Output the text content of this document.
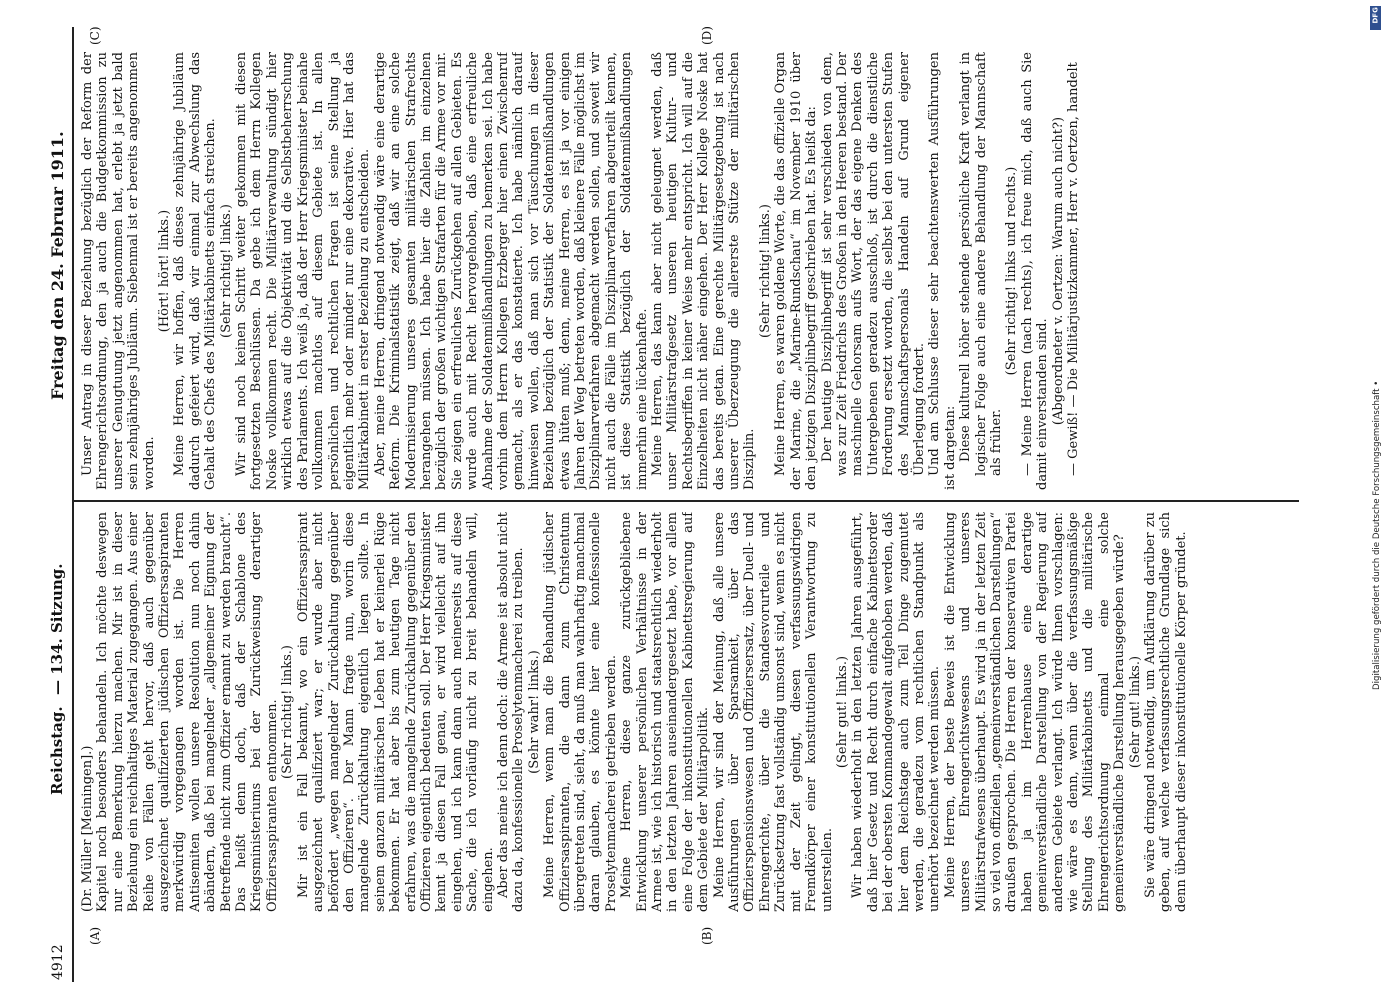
4912
Reichstag.
— 134. Sitzung.
Freitag den 24. Februar 1911.
(A)	(B)
(C)	(D)

(Dr. Müller [Meiningen].) Kapitel noch besonders behandeln. Ich möchte deswegen nur eine Bemerkung hierzu machen. Mir ist in dieser Beziehung ein reichhaltiges Material zugegangen. Aus einer Reihe von Fällen geht hervor, daß auch gegenüber ausgezeichnet qualifizierten jüdischen Offiziersaspiranten merkwürdig vorgegangen worden ist. Die Herren Antisemiten wollen unsere Resolution nun noch dahin abändern, daß bei mangelnder „allgemeiner Eignung der Betreffende nicht zum Offizier ernannt zu werden braucht“. Das heißt denn doch, daß der Schablone des Kriegsministeriums bei der Zurückweisung derartiger Offiziersaspiranten entnommen. (Sehr richtig! links.) Mir ist ein Fall bekannt, wo ein Offiziersaspirant ausgezeichnet qualifiziert war; er wurde aber nicht befördert „wegen mangelnder Zurückhaltung gegenüber den Offizieren“. Der Mann fragte nun, worin diese mangelnde Zurückhaltung eigentlich liegen sollte. In seinem ganzen militärischen Leben hat er keinerlei Rüge bekommen. Er hat aber bis zum heutigen Tage nicht erfahren, was die mangelnde Zurückhaltung gegenüber den Offizieren eigentlich bedeuten soll. Der Herr Kriegsminister kennt ja diesen Fall genau, er wird vielleicht auf ihn eingehen, und ich kann dann auch meinerseits auf diese Sache, die ich vorläufig nicht zu breit behandeln will, eingehen. Aber das meine ich denn doch: die Armee ist absolut nicht dazu da, konfessionelle Proselytenmacherei zu treiben. (Sehr wahr! links.) Meine Herren, wenn man die Behandlung jüdischer Offiziersaspiranten, die dann zum Christentum übergetreten sind, sieht, da muß man wahrhaftig manchmal daran glauben, es könnte hier eine konfessionelle Proselytenmacherei getrieben werden. Meine Herren, diese ganze zurückgebliebene Entwicklung unserer persönlichen Verhältnisse in der Armee ist, wie ich historisch und staatsrechtlich wiederholt in den letzten Jahren auseinandergesetzt habe, vor allem eine Folge der inkonstitutionellen Kabinettsregierung auf dem Gebiete der Militärpolitik. Meine Herren, wir sind der Meinung, daß alle unsere Ausführungen über Sparsamkeit, über das Offizierspensionswesen und Offiziersersatz, über Duell- und Ehrengerichte, über die Standesvorurteile und Zurücksetzung fast vollständig umsonst sind, wenn es nicht mit der Zeit gelingt, diesen verfassungswidrigen Fremdkörper einer konstitutionellen Verantwortung zu unterstellen.

(Sehr gut! links.) Wir haben wiederholt in den letzten Jahren ausgeführt, daß hier Gesetz und Recht durch einfache Kabinettsorder bei der obersten Kommandogewalt aufgehoben werden, daß hier dem Reichstage auch zum Teil Dinge zugemutet werden, die geradezu vom rechtlichen Standpunkt als unerhört bezeichnet werden müssen. Meine Herren, der beste Beweis ist die Entwicklung unseres Ehrengerichtswesens und unseres Militärstrafwesens überhaupt. Es wird ja in der letzten Zeit so viel von offiziellen „gemeinverständlichen Darstellungen“ draußen gesprochen. Die Herren der konservativen Partei haben ja im Herrenhause eine derartige gemeinverständliche Darstellung von der Regierung auf anderem Gebiete verlangt. Ich würde Ihnen vorschlagen: wie wäre es denn, wenn über die verfassungsmäßige Stellung des Militärkabinetts und die militärische Ehrengerichtsordnung einmal eine solche gemeinverständliche Darstellung herausgegeben würde? (Sehr gut! links.) Sie wäre dringend notwendig, um Aufklärung darüber zu geben, auf welche verfassungsrechtliche Grundlage sich denn überhaupt dieser inkonstitutionelle Körper gründet.

Unser Antrag in dieser Beziehung bezüglich der Reform der Ehrengerichtsordnung, den ja auch die Budgetkommission zu unserer Genugtuung jetzt angenommen hat, erlebt ja jetzt bald sein zehnjähriges Jubiläum. Siebenmal ist er bereits angenommen worden.

(Hört! hört! links.) Meine Herren, wir hoffen, daß dieses zehnjährige Jubiläum dadurch gefeiert wird, daß wir einmal zur Abwechslung das Gehalt des Chefs des Militärkabinetts einfach streichen. (Sehr richtig! links.) Wir sind noch keinen Schritt weiter gekommen mit diesen fortgesetzten Beschlüssen. Da gebe ich dem Herrn Kollegen Noske vollkommen recht. Die Militärverwaltung sündigt hier wirklich etwas auf die Objektivität und die Selbstbeherrschung des Parlaments. Ich weiß ja, daß der Herr Kriegsminister beinahe vollkommen machtlos auf diesem Gebiete ist. In allen persönlichen und rechtlichen Fragen ist seine Stellung ja eigentlich mehr oder minder nur eine dekorative. Hier hat das Militärkabinett in erster Beziehung zu entscheiden. Aber, meine Herren, dringend notwendig wäre eine derartige Reform. Die Kriminalstatistik zeigt, daß wir an eine solche Modernisierung unseres gesamten militärischen Strafrechts herangehen müssen. Ich habe hier die Zahlen im einzelnen bezüglich der großen wichtigen Strafarten für die Armee vor mir. Sie zeigen ein erfreuliches Zurückgehen auf allen Gebieten. Es wurde auch mit Recht hervorgehoben, daß eine erfreuliche Abnahme der Soldatenmißhandlungen zu bemerken sei. Ich habe vorhin dem Herrn Kollegen Erzberger hier einen Zwischenruf gemacht, als er das konstatierte. Ich habe nämlich darauf hinweisen wollen, daß man sich vor Täuschungen in dieser Beziehung bezüglich der Statistik der Soldatenmißhandlungen etwas hüten muß; denn, meine Herren, es ist ja vor einigen Jahren der Weg betreten worden, daß kleinere Fälle möglichst im Disziplinarverfahren abgemacht werden sollen, und soweit wir nicht auch die Fälle im Disziplinarverfahren abgeurteilt kennen, ist diese Statistik bezüglich der Soldatenmißhandlungen immerhin eine lückenhafte. Meine Herren, das kann aber nicht geleugnet werden, daß unser Militärstrafgesetz unseren heutigen Kultur- und Rechtsbegriffen in keiner Weise mehr entspricht. Ich will auf die Einzelheiten nicht näher eingehen. Der Herr Kollege Noske hat das bereits getan. Eine gerechte Militärgesetzgebung ist nach unserer Überzeugung die allererste Stütze der militärischen Disziplin.

(Sehr richtig! links.) Meine Herren, es waren goldene Worte, die das offizielle Organ der Marine, die „Marine-Rundschau“ im November 1910 über den jetzigen Disziplinbegriff geschrieben hat. Es heißt da: Der heutige Disziplinbegriff ist sehr verschieden von dem, was zur Zeit Friedrichs des Großen in den Heeren bestand. Der maschinelle Gehorsam aufs Wort, der das eigene Denken des Untergebenen geradezu ausschloß, ist durch die dienstliche Forderung ersetzt worden, die selbst bei den untersten Stufen des Mannschaftspersonals Handeln auf Grund eigener Überlegung fordert. Und am Schlusse dieser sehr beachtenswerten Ausführungen ist dargetan: Diese kulturell höher stehende persönliche Kraft verlangt in logischer Folge auch eine andere Behandlung der Mannschaft als früher.

(Sehr richtig! links und rechts.) — Meine Herren (nach rechts), ich freue mich, daß auch Sie damit einverstanden sind. (Abgeordneter v. Oertzen: Warum auch nicht?) — Gewiß! — Die Militärjustizkammer, Herr v. Oertzen, handelt

DFG
Digitalisierung gefördert durch die Deutsche Forschungsgemeinschaft •
